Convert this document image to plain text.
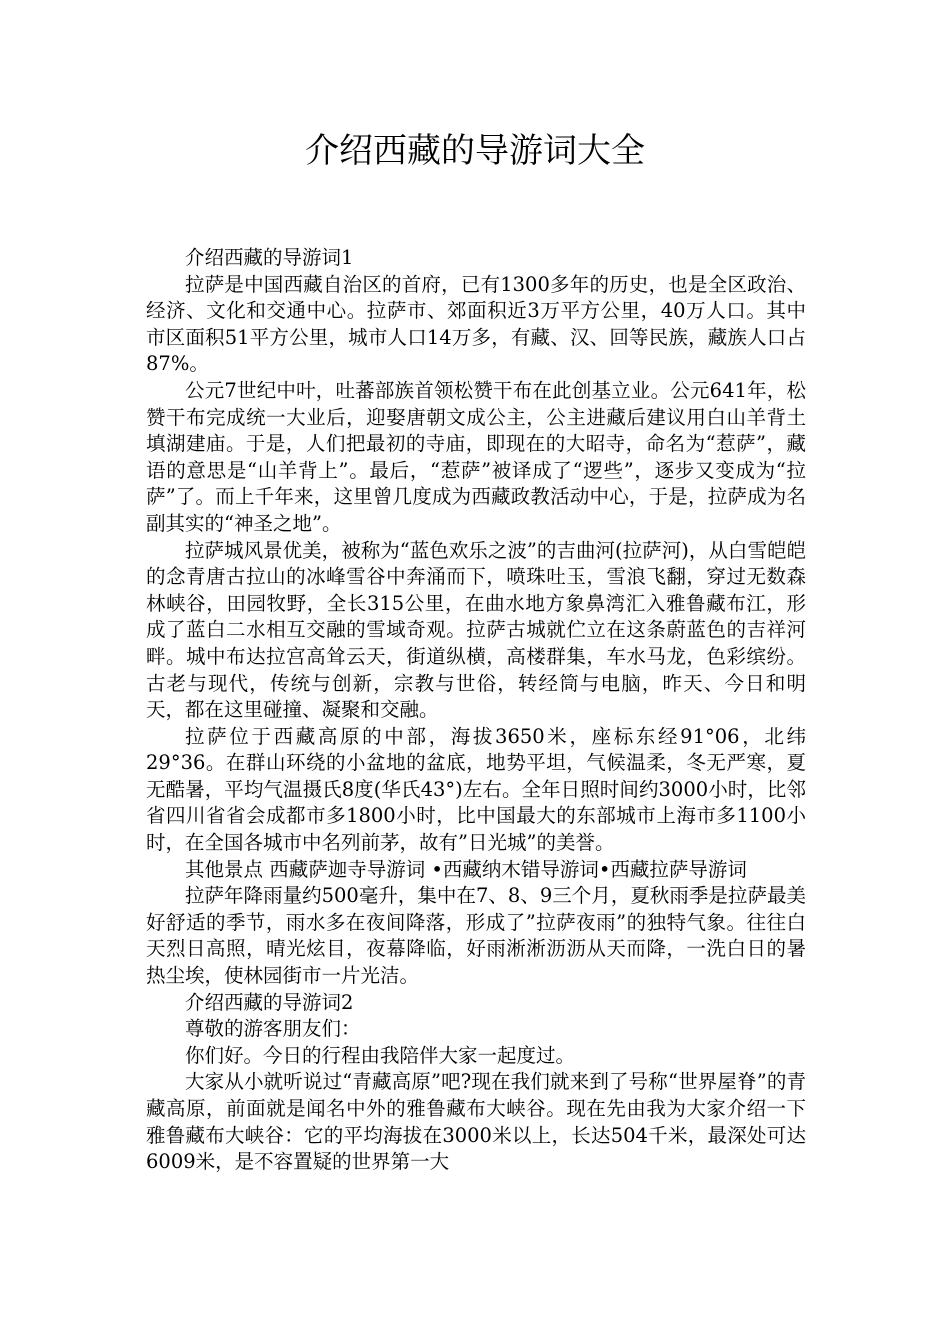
介绍西藏的导游词大全

介绍西藏的导游词1

拉萨是中国西藏自治区的首府，已有1300多年的历史，也是全区政治、经济、文化和交通中心。拉萨市、郊面积近3万平方公里，40万人口。其中市区面积51平方公里，城市人口14万多，有藏、汉、回等民族，藏族人口占87%。

公元7世纪中叶，吐蕃部族首领松赞干布在此创基立业。公元641年，松赞干布完成统一大业后，迎娶唐朝文成公主，公主进藏后建议用白山羊背土填湖建庙。于是，人们把最初的寺庙，即现在的大昭寺，命名为“惹萨”，藏语的意思是“山羊背上”。最后，“惹萨”被译成了“逻些”，逐步又变成为“拉萨”了。而上千年来，这里曾几度成为西藏政教活动中心，于是，拉萨成为名副其实的“神圣之地”。

拉萨城风景优美，被称为“蓝色欢乐之波”的吉曲河(拉萨河)，从白雪皑皑的念青唐古拉山的冰峰雪谷中奔涌而下，喷珠吐玉，雪浪飞翻，穿过无数森林峡谷，田园牧野，全长315公里，在曲水地方象鼻湾汇入雅鲁藏布江，形成了蓝白二水相互交融的雪域奇观。拉萨古城就伫立在这条蔚蓝色的吉祥河畔。城中布达拉宫高耸云天，街道纵横，高楼群集，车水马龙，色彩缤纷。古老与现代，传统与创新，宗教与世俗，转经筒与电脑，昨天、今日和明天，都在这里碰撞、凝聚和交融。

拉萨位于西藏高原的中部，海拔3650米，座标东经91°06，北纬29°36。在群山环绕的小盆地的盆底，地势平坦，气候温柔，冬无严寒，夏无酷暑，平均气温摄氏8度(华氏43°)左右。全年日照时间约3000小时，比邻省四川省省会成都市多1800小时，比中国最大的东部城市上海市多1100小时，在全国各城市中名列前茅，故有”日光城”的美誉。

其他景点 西藏萨迦寺导游词 •西藏纳木错导游词•西藏拉萨导游词

拉萨年降雨量约500毫升，集中在7、8、9三个月，夏秋雨季是拉萨最美好舒适的季节，雨水多在夜间降落，形成了”拉萨夜雨”的独特气象。往往白天烈日高照，晴光炫目，夜幕降临，好雨淅淅沥沥从天而降，一洗白日的暑热尘埃，使林园街市一片光洁。

介绍西藏的导游词2

尊敬的游客朋友们：

你们好。今日的行程由我陪伴大家一起度过。

大家从小就听说过“青藏高原”吧?现在我们就来到了号称“世界屋脊”的青藏高原，前面就是闻名中外的雅鲁藏布大峡谷。现在先由我为大家介绍一下雅鲁藏布大峡谷：它的平均海拔在3000米以上，长达504千米，最深处可达6009米，是不容置疑的世界第一大
